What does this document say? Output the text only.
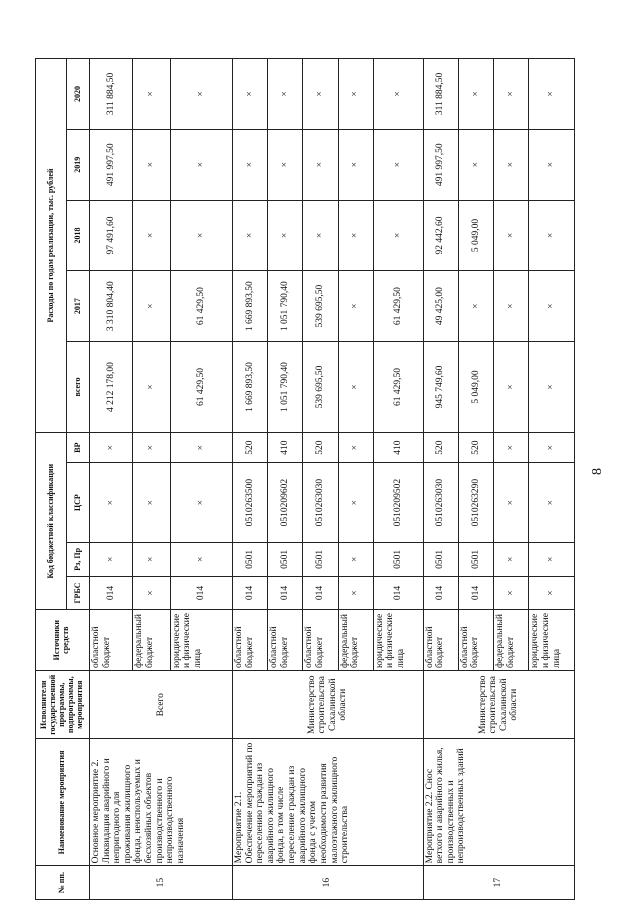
8
№ пп.	Наименование мероприятия	Исполнители государственной программы, подпрограммы, мероприятия	Источники средств	Код бюджетной классификации				Расходы по годам реализации, тыс. рублей				
				ГРБС	Рз, Пр	ЦСР	ВР	всего	2017	2018	2019	2020
15	Основное мероприятие 2. Ликвидация аварийного и непригодного для проживания жилищного фонда, неиспользуемых и бесхозяйных объектов производственного и непроизводственного назначения	Всего	областной бюджет	014	×	×	×	4 212 178,00	3 310 804,40	97 491,60	491 997,50	311 884,50
			федеральный бюджет	×	×	×	×	×	×	×	×	×
			юридические и физические лица	014	×	×	×	61 429,50	61 429,50	×	×	×
16	Мероприятие 2.1. Обеспечение мероприятий по переселению граждан из аварийного жилищного фонда, в том числе переселение граждан из аварийного жилищного фонда с учетом необходимости развития малоэтажного жилищного строительства	Министерство строительства Сахалинской области	областной бюджет	014	0501	0510263500	520	1 669 893,50	1 669 893,50	×	×	×
			областной бюджет	014	0501	0510209602	410	1 051 790,40	1 051 790,40	×	×	×
			областной бюджет	014	0501	0510263030	520	539 695,50	539 695,50	×	×	×
			федеральный бюджет	×	×	×	×	×	×	×	×	×
			юридические и физические лица	014	0501	0510209502	410	61 429,50	61 429,50	×	×	×
17	Мероприятие 2.2. Снос ветхого и аварийного жилья, производственных и непроизводственных зданий	Министерство строительства Сахалинской области	областной бюджет	014	0501	0510263030	520	945 749,60	49 425,00	92 442,60	491 997,50	311 884,50
			областной бюджет	014	0501	0510263290	520	5 049,00	×	5 049,00	×	×
			федеральный бюджет	×	×	×	×	×	×	×	×	×
			юридические и физические лица	×	×	×	×	×	×	×	×	×
